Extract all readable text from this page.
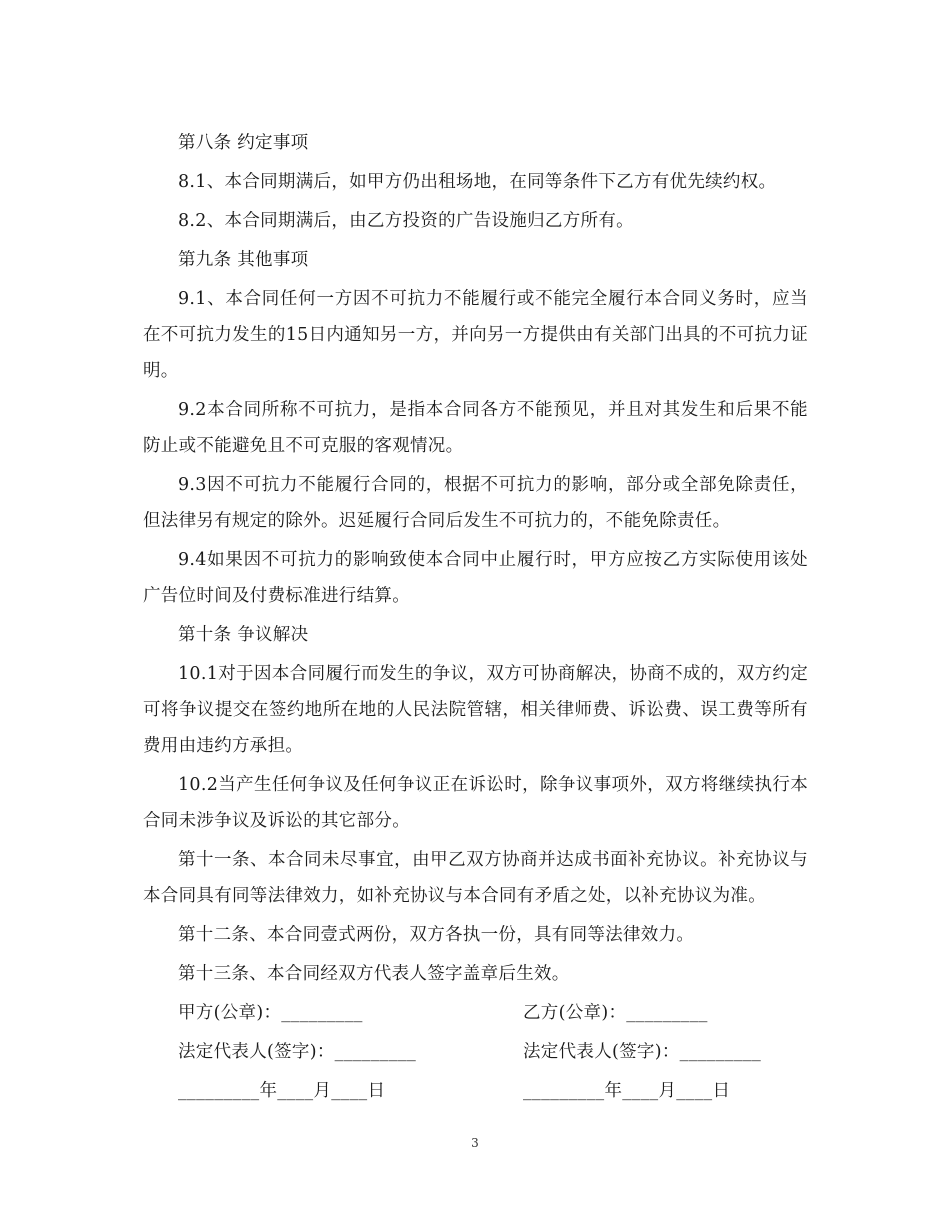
第八条 约定事项
8.1、本合同期满后，如甲方仍出租场地，在同等条件下乙方有优先续约权。
8.2、本合同期满后，由乙方投资的广告设施归乙方所有。
第九条 其他事项
9.1、本合同任何一方因不可抗力不能履行或不能完全履行本合同义务时，应当在不可抗力发生的15日内通知另一方，并向另一方提供由有关部门出具的不可抗力证明。
9.2本合同所称不可抗力，是指本合同各方不能预见，并且对其发生和后果不能防止或不能避免且不可克服的客观情况。
9.3因不可抗力不能履行合同的，根据不可抗力的影响，部分或全部免除责任，但法律另有规定的除外。迟延履行合同后发生不可抗力的，不能免除责任。
9.4如果因不可抗力的影响致使本合同中止履行时，甲方应按乙方实际使用该处广告位时间及付费标准进行结算。
第十条 争议解决
10.1对于因本合同履行而发生的争议，双方可协商解决，协商不成的，双方约定可将争议提交在签约地所在地的人民法院管辖，相关律师费、诉讼费、误工费等所有费用由违约方承担。
10.2当产生任何争议及任何争议正在诉讼时，除争议事项外，双方将继续执行本合同未涉争议及诉讼的其它部分。
第十一条、本合同未尽事宜，由甲乙双方协商并达成书面补充协议。补充协议与本合同具有同等法律效力，如补充协议与本合同有矛盾之处，以补充协议为准。
第十二条、本合同壹式两份，双方各执一份，具有同等法律效力。
第十三条、本合同经双方代表人签字盖章后生效。
甲方(公章)：_________	乙方(公章)：_________
法定代表人(签字)：_________	法定代表人(签字)：_________
_________年____月____日	_________年____月____日
3
